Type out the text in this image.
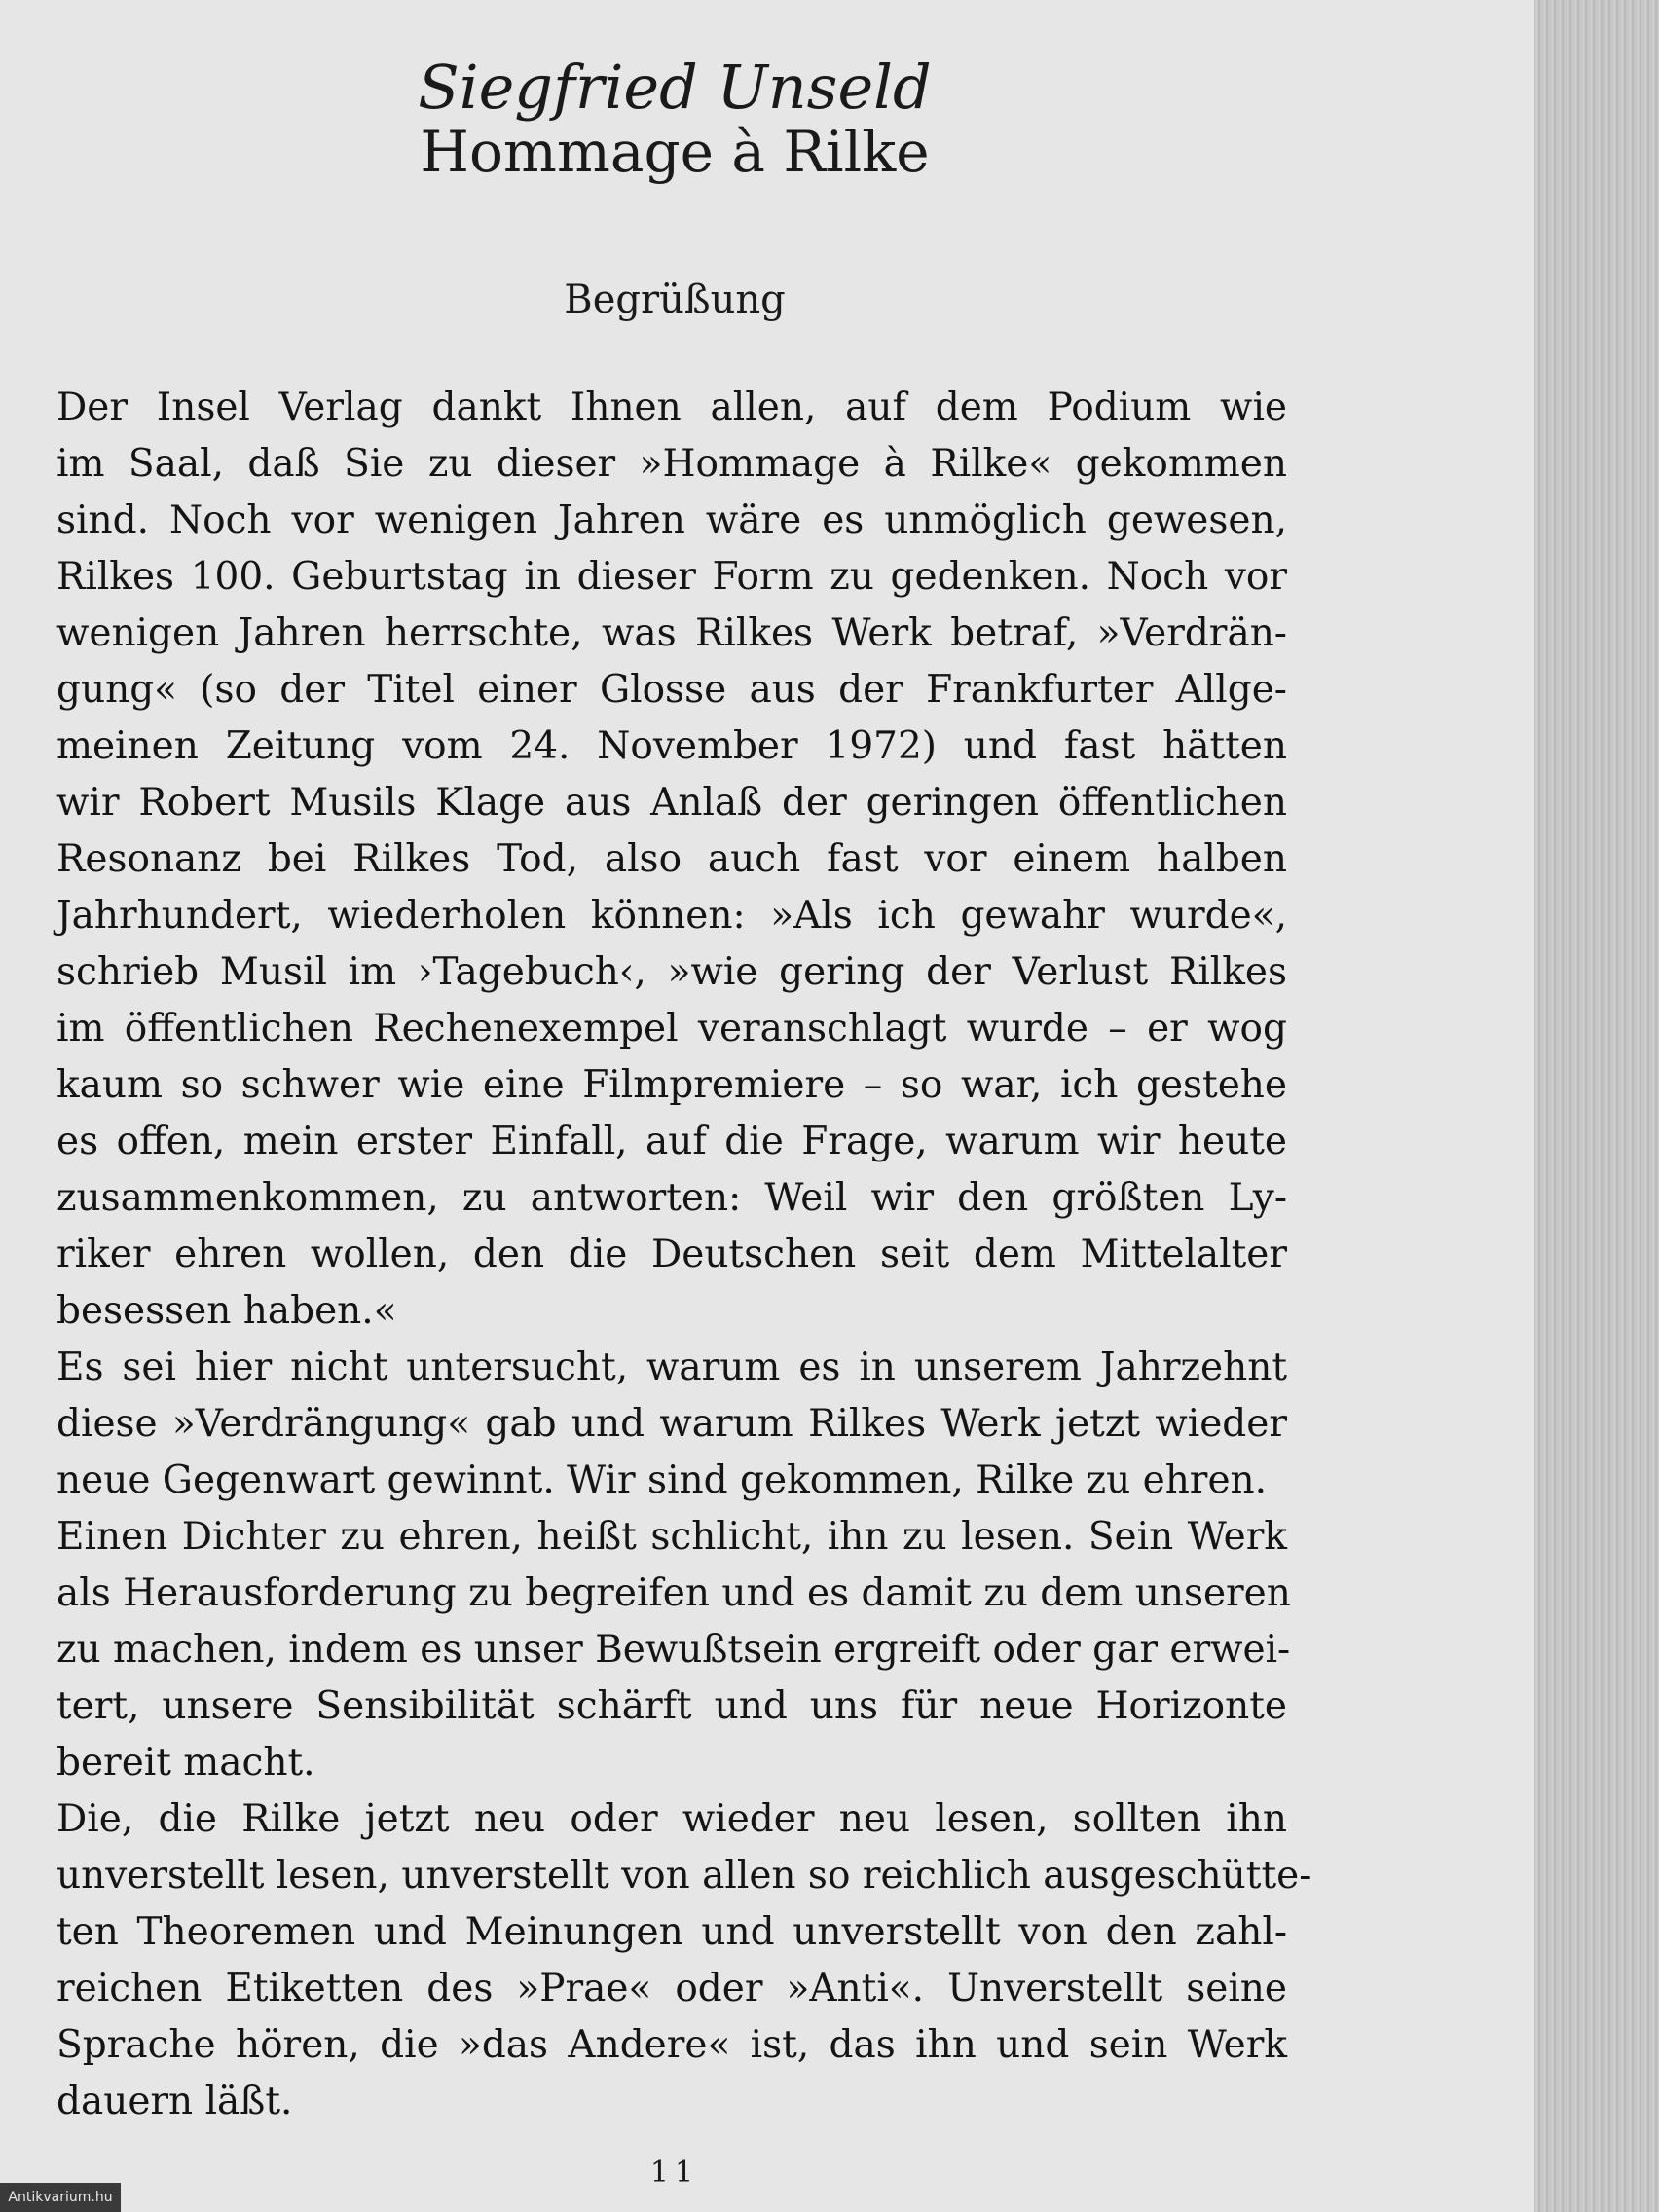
Siegfried Unseld
Hommage à Rilke
Begrüßung
Der Insel Verlag dankt Ihnen allen, auf dem Podium wie
im Saal, daß Sie zu dieser »Hommage à Rilke« gekommen
sind. Noch vor wenigen Jahren wäre es unmöglich gewesen,
Rilkes 100. Geburtstag in dieser Form zu gedenken. Noch vor
wenigen Jahren herrschte, was Rilkes Werk betraf, »Verdrän-
gung« (so der Titel einer Glosse aus der Frankfurter Allge-
meinen Zeitung vom 24. November 1972) und fast hätten
wir Robert Musils Klage aus Anlaß der geringen öffentlichen
Resonanz bei Rilkes Tod, also auch fast vor einem halben
Jahrhundert, wiederholen können: »Als ich gewahr wurde«,
schrieb Musil im ›Tagebuch‹, »wie gering der Verlust Rilkes
im öffentlichen Rechenexempel veranschlagt wurde – er wog
kaum so schwer wie eine Filmpremiere – so war, ich gestehe
es offen, mein erster Einfall, auf die Frage, warum wir heute
zusammenkommen, zu antworten: Weil wir den größten Ly-
riker ehren wollen, den die Deutschen seit dem Mittelalter
besessen haben.«
Es sei hier nicht untersucht, warum es in unserem Jahrzehnt
diese »Verdrängung« gab und warum Rilkes Werk jetzt wieder
neue Gegenwart gewinnt. Wir sind gekommen, Rilke zu ehren.
Einen Dichter zu ehren, heißt schlicht, ihn zu lesen. Sein Werk
als Herausforderung zu begreifen und es damit zu dem unseren
zu machen, indem es unser Bewußtsein ergreift oder gar erwei-
tert, unsere Sensibilität schärft und uns für neue Horizonte
bereit macht.
Die, die Rilke jetzt neu oder wieder neu lesen, sollten ihn
unverstellt lesen, unverstellt von allen so reichlich ausgeschütte-
ten Theoremen und Meinungen und unverstellt von den zahl-
reichen Etiketten des »Prae« oder »Anti«. Unverstellt seine
Sprache hören, die »das Andere« ist, das ihn und sein Werk
dauern läßt.
11
Antikvarium.hu
